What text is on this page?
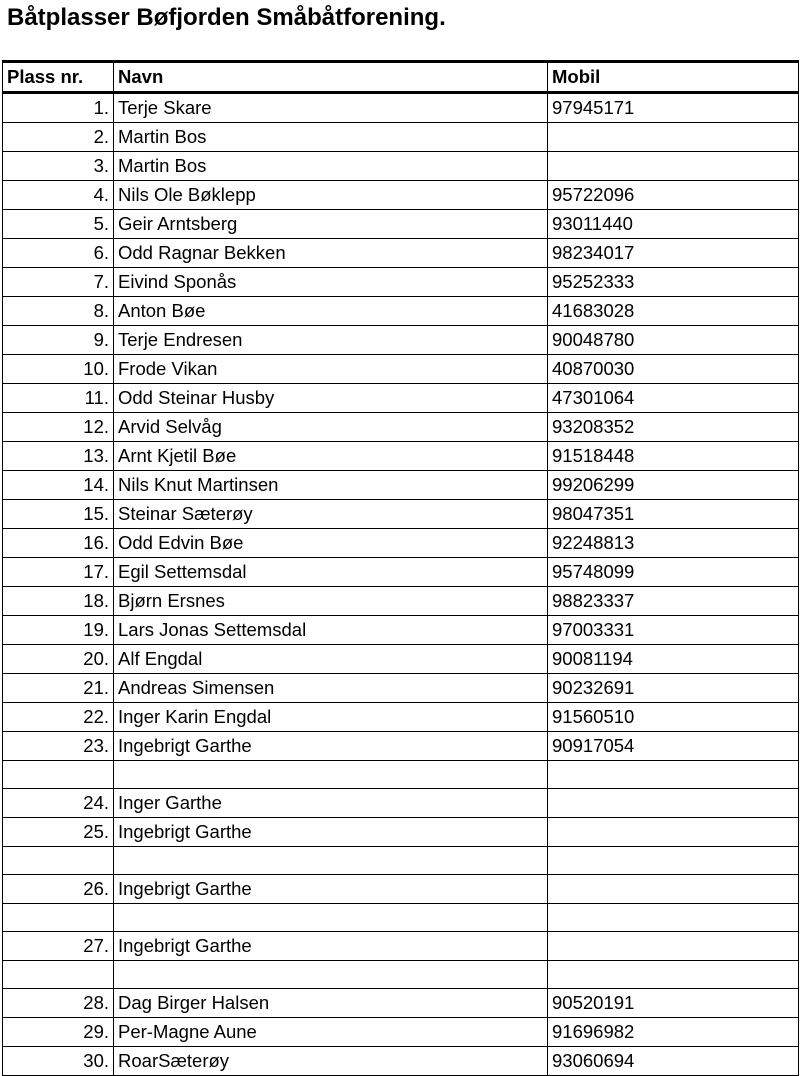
Båtplasser Bøfjorden Småbåtforening.
Plass nr.	Navn	Mobil
1.	Terje Skare	97945171
2.	Martin Bos	
3.	Martin Bos	
4.	Nils Ole Bøklepp	95722096
5.	Geir Arntsberg	93011440
6.	Odd Ragnar Bekken	98234017
7.	Eivind Sponås	95252333
8.	Anton Bøe	41683028
9.	Terje Endresen	90048780
10.	Frode Vikan	40870030
11.	Odd Steinar Husby	47301064
12.	Arvid Selvåg	93208352
13.	Arnt Kjetil Bøe	91518448
14.	Nils Knut Martinsen	99206299
15.	Steinar Sæterøy	98047351
16.	Odd Edvin Bøe	92248813
17.	Egil Settemsdal	95748099
18.	Bjørn Ersnes	98823337
19.	Lars Jonas Settemsdal	97003331
20.	Alf Engdal	90081194
21.	Andreas Simensen	90232691
22.	Inger Karin Engdal	91560510
23.	Ingebrigt Garthe	90917054

24.	Inger Garthe	
25.	Ingebrigt Garthe	

26.	Ingebrigt Garthe	

27.	Ingebrigt Garthe	

28.	Dag Birger Halsen	90520191
29.	Per-Magne Aune	91696982
30.	RoarSæterøy	93060694
